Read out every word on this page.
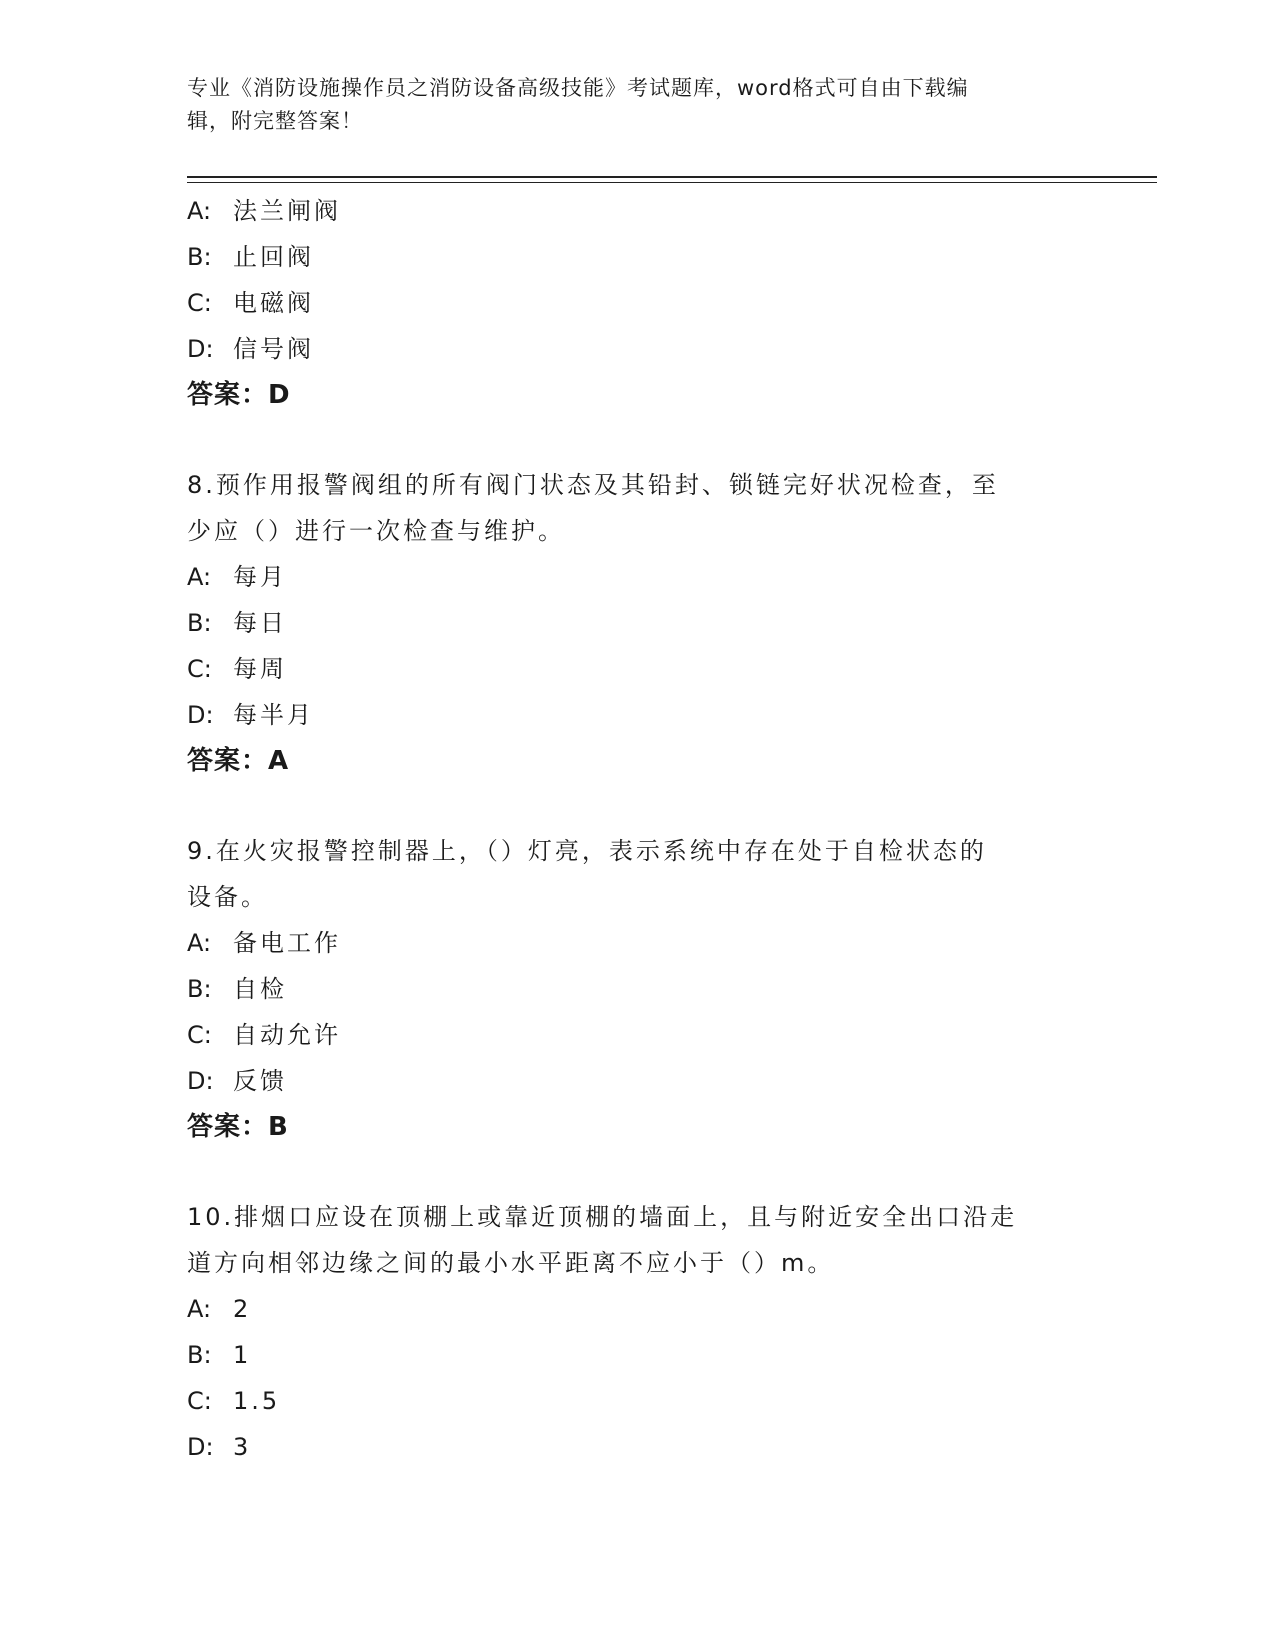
专业《消防设施操作员之消防设备高级技能》考试题库，word格式可自由下载编
辑，附完整答案！
A: 法兰闸阀
B: 止回阀
C: 电磁阀
D: 信号阀
答案：D
8.预作用报警阀组的所有阀门状态及其铅封、锁链完好状况检查，至
少应（）进行一次检查与维护。
A: 每月
B: 每日
C: 每周
D: 每半月
答案：A
9.在火灾报警控制器上，（）灯亮，表示系统中存在处于自检状态的
设备。
A: 备电工作
B: 自检
C: 自动允许
D: 反馈
答案：B
10.排烟口应设在顶棚上或靠近顶棚的墙面上，且与附近安全出口沿走
道方向相邻边缘之间的最小水平距离不应小于（）m。
A: 2
B: 1
C: 1.5
D: 3
